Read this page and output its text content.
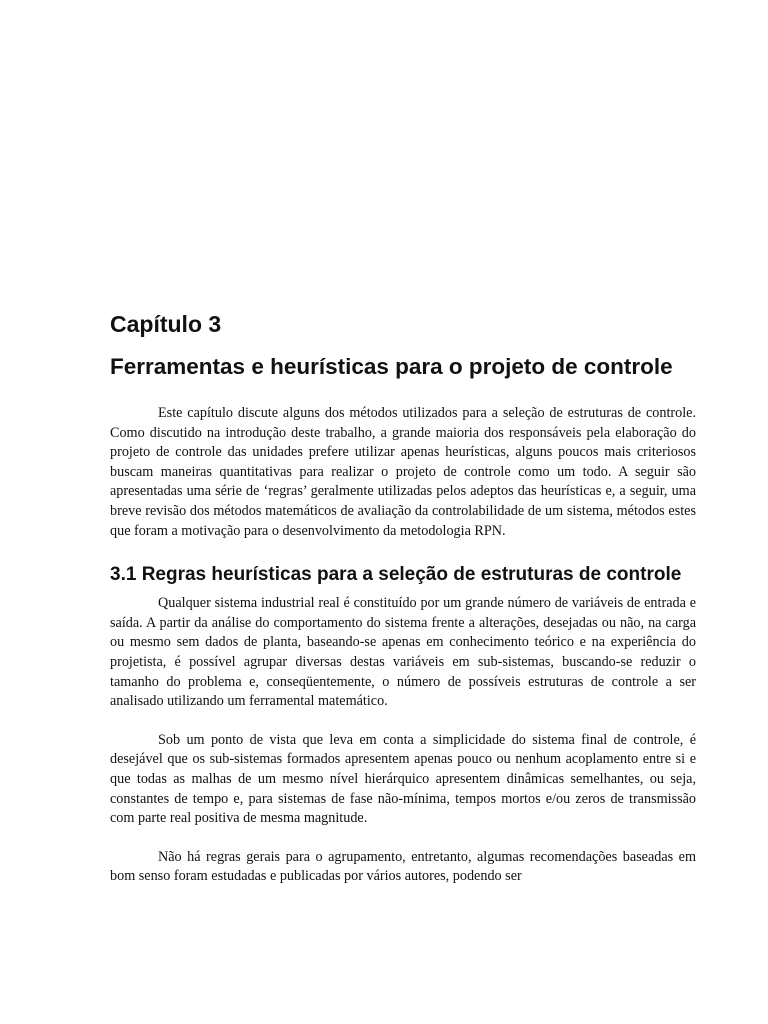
Capítulo 3
Ferramentas e heurísticas para o projeto de controle

Este capítulo discute alguns dos métodos utilizados para a seleção de estruturas de controle. Como discutido na introdução deste trabalho, a grande maioria dos responsáveis pela elaboração do projeto de controle das unidades prefere utilizar apenas heurísticas, alguns poucos mais criteriosos buscam maneiras quantitativas para realizar o projeto de controle como um todo. A seguir são apresentadas uma série de ‘regras’ geralmente utilizadas pelos adeptos das heurísticas e, a seguir, uma breve revisão dos métodos matemáticos de avaliação da controlabilidade de um sistema, métodos estes que foram a motivação para o desenvolvimento da metodologia RPN.

3.1 Regras heurísticas para a seleção de estruturas de controle

Qualquer sistema industrial real é constituído por um grande número de variáveis de entrada e saída. A partir da análise do comportamento do sistema frente a alterações, desejadas ou não, na carga ou mesmo sem dados de planta, baseando-se apenas em conhecimento teórico e na experiência do projetista, é possível agrupar diversas destas variáveis em sub-sistemas, buscando-se reduzir o tamanho do problema e, conseqüentemente, o número de possíveis estruturas de controle a ser analisado utilizando um ferramental matemático.

Sob um ponto de vista que leva em conta a simplicidade do sistema final de controle, é desejável que os sub-sistemas formados apresentem apenas pouco ou nenhum acoplamento entre si e que todas as malhas de um mesmo nível hierárquico apresentem dinâmicas semelhantes, ou seja, constantes de tempo e, para sistemas de fase não-mínima, tempos mortos e/ou zeros de transmissão com parte real positiva de mesma magnitude.

Não há regras gerais para o agrupamento, entretanto, algumas recomendações baseadas em bom senso foram estudadas e publicadas por vários autores, podendo ser
